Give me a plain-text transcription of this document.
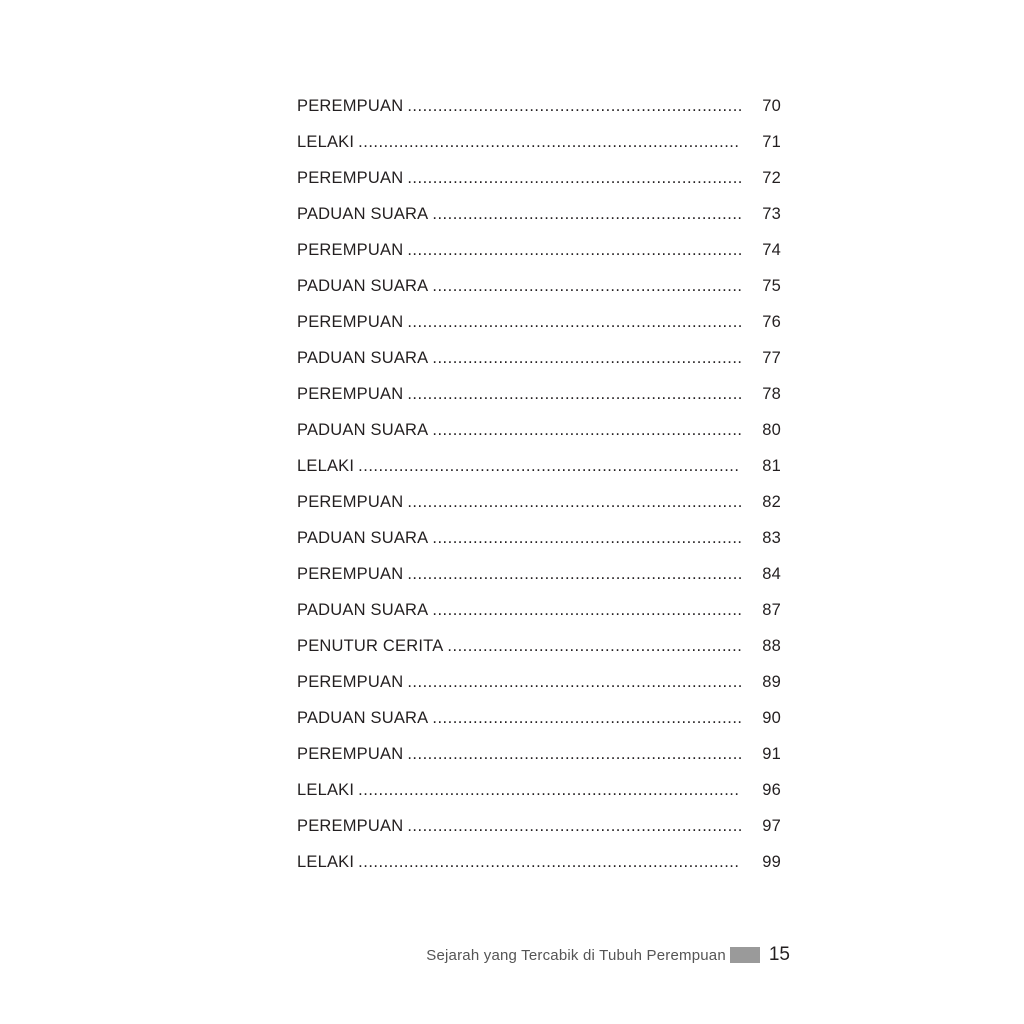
PEREMPUAN .....	70
LELAKI .....	71
PEREMPUAN .....	72
PADUAN SUARA .....	73
PEREMPUAN .....	74
PADUAN SUARA .....	75
PEREMPUAN .....	76
PADUAN SUARA .....	77
PEREMPUAN .....	78
PADUAN SUARA .....	80
LELAKI .....	81
PEREMPUAN .....	82
PADUAN SUARA .....	83
PEREMPUAN .....	84
PADUAN SUARA .....	87
PENUTUR CERITA .....	88
PEREMPUAN .....	89
PADUAN SUARA .....	90
PEREMPUAN .....	91
LELAKI .....	96
PEREMPUAN .....	97
LELAKI .....	99
Sejarah yang Tercabik di Tubuh Perempuan 15
